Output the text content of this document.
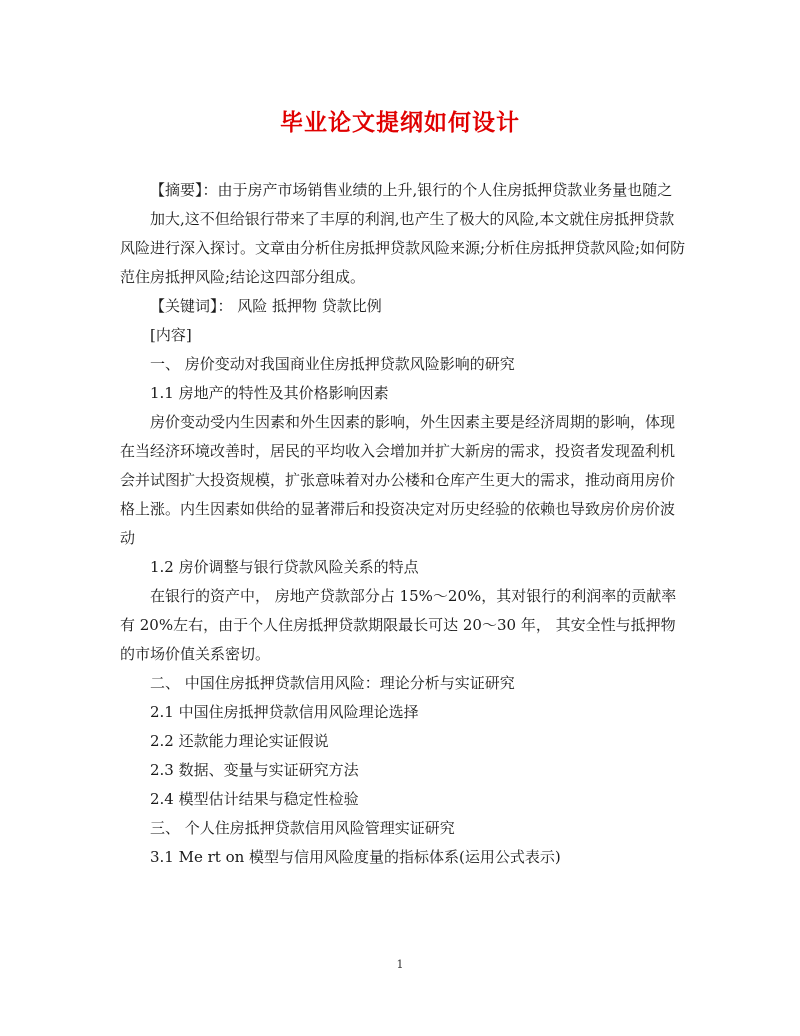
毕业论文提纲如何设计

【摘要】：由于房产市场销售业绩的上升,银行的个人住房抵押贷款业务量也随之

加大,这不但给银行带来了丰厚的利润,也产生了极大的风险,本文就住房抵押贷款风险进行深入探讨。文章由分析住房抵押贷款风险来源;分析住房抵押贷款风险;如何防范住房抵押风险;结论这四部分组成。

【关键词】： 风险 抵押物 贷款比例

[内容]

一、 房价变动对我国商业住房抵押贷款风险影响的研究

1.1 房地产的特性及其价格影响因素

房价变动受内生因素和外生因素的影响，外生因素主要是经济周期的影响，体现在当经济环境改善时，居民的平均收入会增加并扩大新房的需求，投资者发现盈利机会并试图扩大投资规模，扩张意味着对办公楼和仓库产生更大的需求，推动商用房价格上涨。内生因素如供给的显著滞后和投资决定对历史经验的依赖也导致房价房价波动

1.2 房价调整与银行贷款风险关系的特点

在银行的资产中， 房地产贷款部分占 15%～20%，其对银行的利润率的贡献率有 20%左右，由于个人住房抵押贷款期限最长可达 20～30 年， 其安全性与抵押物的市场价值关系密切。

二、 中国住房抵押贷款信用风险：理论分析与实证研究

2.1 中国住房抵押贷款信用风险理论选择

2.2 还款能力理论实证假说

2.3 数据、变量与实证研究方法

2.4 模型估计结果与稳定性检验

三、 个人住房抵押贷款信用风险管理实证研究

3.1 Me rt on 模型与信用风险度量的指标体系(运用公式表示)

1
